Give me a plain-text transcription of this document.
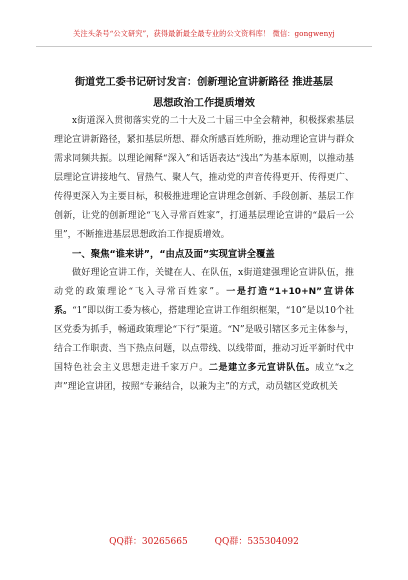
关注头条号“公文研究”，获得最新最全最专业的公文资料库！ 微信：gongwenyj
街道党工委书记研讨发言：创新理论宣讲新路径 推进基层
思想政治工作提质增效

x街道深入贯彻落实党的二十大及二十届三中全会精神，积极探索基层理论宣讲新路径，紧扣基层所想、群众所感百姓所盼，推动理论宣讲与群众需求同频共振。以理论阐释“深入”和话语表达“浅出”为基本原则，以推动基层理论宣讲接地气、冒热气、聚人气，推动党的声音传得更开、传得更广、传得更深入为主要目标，积极推进理论宣讲理念创新、手段创新、基层工作创新，让党的创新理论“飞入寻常百姓家”，打通基层理论宣讲的“最后一公里”，不断推进基层思想政治工作提质增效。

一、聚焦“谁来讲”，“由点及面”实现宣讲全覆盖

做好理论宣讲工作，关键在人、在队伍，x街道建强理论宣讲队伍，推动党的政策理论“飞入寻常百姓家”。一是打造“1+10+N”宣讲体系。“1”即以街工委为核心，搭建理论宣讲工作组织框架，“10”是以10个社区党委为抓手，畅通政策理论“下行”渠道。“N”是吸引辖区多元主体参与，结合工作职责、当下热点问题，以点带线、以线带面，推动习近平新时代中国特色社会主义思想走进千家万户。二是建立多元宣讲队伍。成立“x之声”理论宣讲团，按照“专兼结合，以兼为主”的方式，动员辖区党政机关

QQ群：30265665	QQ群：535304092
